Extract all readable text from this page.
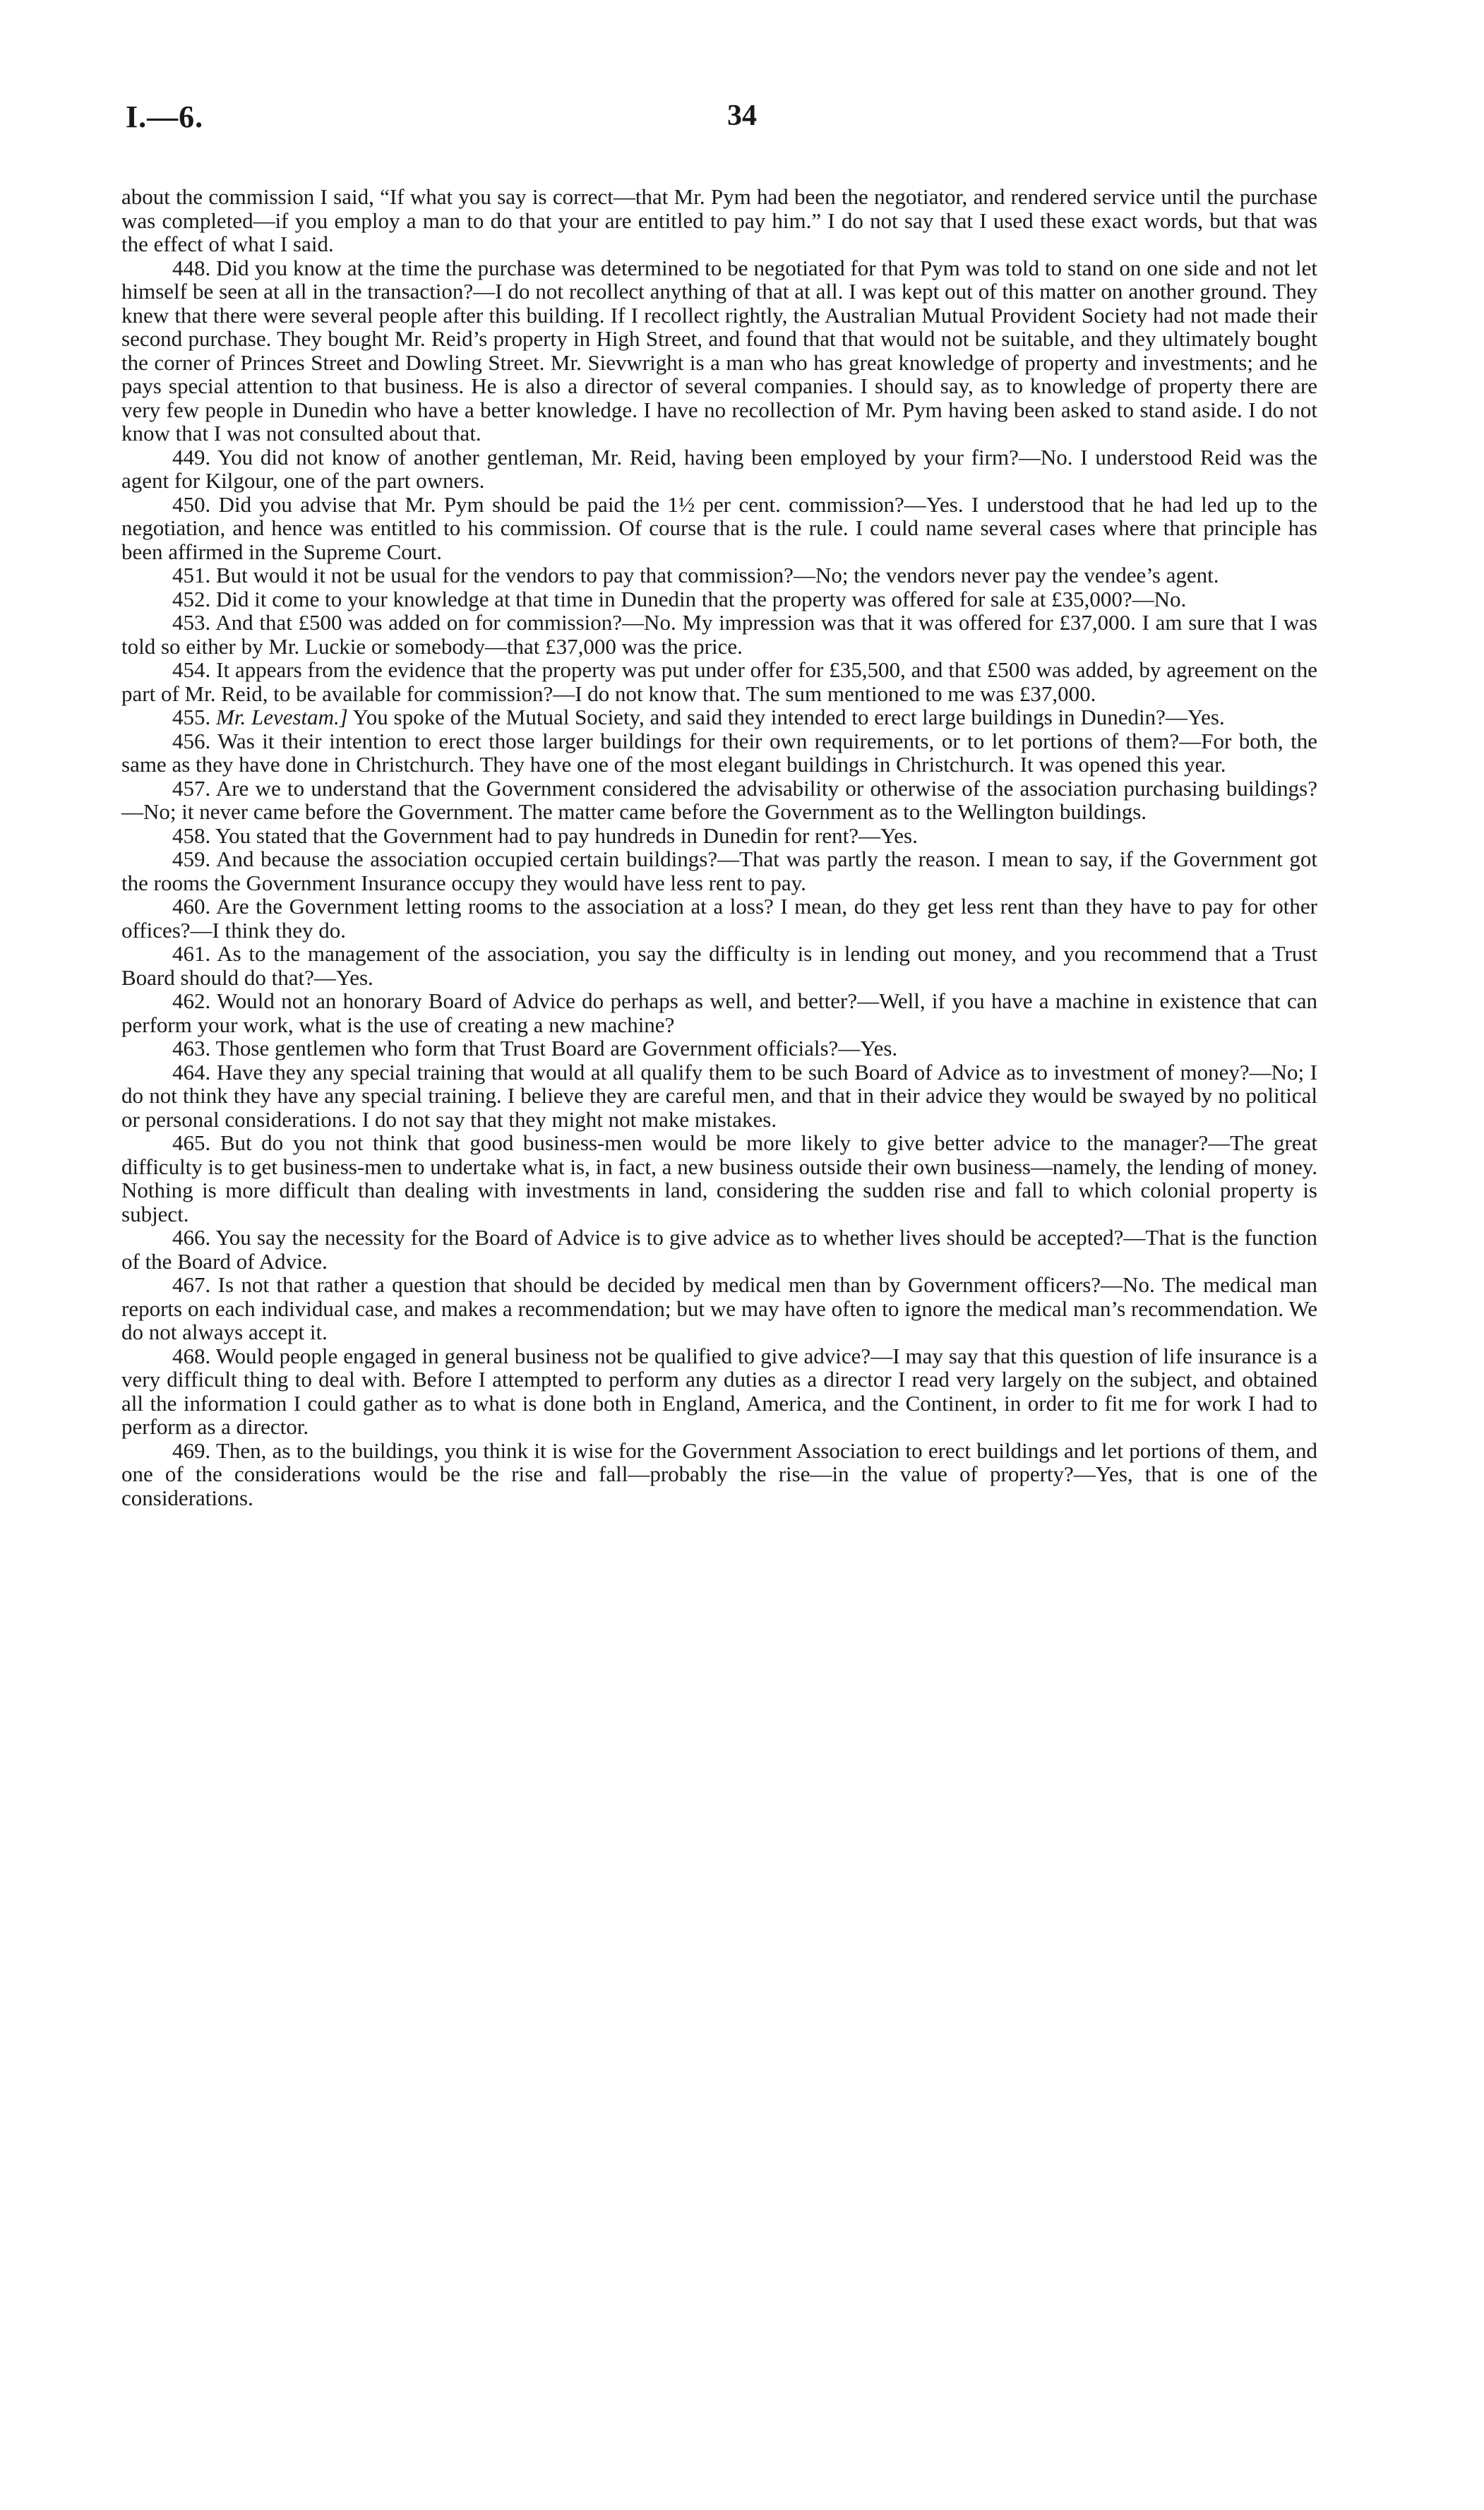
I.—6.	34

about the commission I said, “If what you say is correct—that Mr. Pym had been the negotiator, and rendered service until the purchase was completed—if you employ a man to do that your are entitled to pay him.” I do not say that I used these exact words, but that was the effect of what I said.

448. Did you know at the time the purchase was determined to be negotiated for that Pym was told to stand on one side and not let himself be seen at all in the transaction?—I do not recollect anything of that at all. I was kept out of this matter on another ground. They knew that there were several people after this building. If I recollect rightly, the Australian Mutual Provident Society had not made their second purchase. They bought Mr. Reid’s property in High Street, and found that that would not be suitable, and they ultimately bought the corner of Princes Street and Dowling Street. Mr. Sievwright is a man who has great knowledge of property and investments; and he pays special attention to that business. He is also a director of several companies. I should say, as to knowledge of property there are very few people in Dunedin who have a better knowledge. I have no recollection of Mr. Pym having been asked to stand aside. I do not know that I was not consulted about that.

449. You did not know of another gentleman, Mr. Reid, having been employed by your firm?—No. I understood Reid was the agent for Kilgour, one of the part owners.

450. Did you advise that Mr. Pym should be paid the 1½ per cent. commission?—Yes. I understood that he had led up to the negotiation, and hence was entitled to his commission. Of course that is the rule. I could name several cases where that principle has been affirmed in the Supreme Court.

451. But would it not be usual for the vendors to pay that commission?—No; the vendors never pay the vendee’s agent.

452. Did it come to your knowledge at that time in Dunedin that the property was offered for sale at £35,000?—No.

453. And that £500 was added on for commission?—No. My impression was that it was offered for £37,000. I am sure that I was told so either by Mr. Luckie or somebody—that £37,000 was the price.

454. It appears from the evidence that the property was put under offer for £35,500, and that £500 was added, by agreement on the part of Mr. Reid, to be available for commission?—I do not know that. The sum mentioned to me was £37,000.

455. Mr. Levestam.] You spoke of the Mutual Society, and said they intended to erect large buildings in Dunedin?—Yes.

456. Was it their intention to erect those larger buildings for their own requirements, or to let portions of them?—For both, the same as they have done in Christchurch. They have one of the most elegant buildings in Christchurch. It was opened this year.

457. Are we to understand that the Government considered the advisability or otherwise of the association purchasing buildings?—No; it never came before the Government. The matter came before the Government as to the Wellington buildings.

458. You stated that the Government had to pay hundreds in Dunedin for rent?—Yes.

459. And because the association occupied certain buildings?—That was partly the reason. I mean to say, if the Government got the rooms the Government Insurance occupy they would have less rent to pay.

460. Are the Government letting rooms to the association at a loss? I mean, do they get less rent than they have to pay for other offices?—I think they do.

461. As to the management of the association, you say the difficulty is in lending out money, and you recommend that a Trust Board should do that?—Yes.

462. Would not an honorary Board of Advice do perhaps as well, and better?—Well, if you have a machine in existence that can perform your work, what is the use of creating a new machine?

463. Those gentlemen who form that Trust Board are Government officials?—Yes.

464. Have they any special training that would at all qualify them to be such Board of Advice as to investment of money?—No; I do not think they have any special training. I believe they are careful men, and that in their advice they would be swayed by no political or personal considerations. I do not say that they might not make mistakes.

465. But do you not think that good business-men would be more likely to give better advice to the manager?—The great difficulty is to get business-men to undertake what is, in fact, a new business outside their own business—namely, the lending of money. Nothing is more difficult than dealing with investments in land, considering the sudden rise and fall to which colonial property is subject.

466. You say the necessity for the Board of Advice is to give advice as to whether lives should be accepted?—That is the function of the Board of Advice.

467. Is not that rather a question that should be decided by medical men than by Government officers?—No. The medical man reports on each individual case, and makes a recommendation; but we may have often to ignore the medical man’s recommendation. We do not always accept it.

468. Would people engaged in general business not be qualified to give advice?—I may say that this question of life insurance is a very difficult thing to deal with. Before I attempted to perform any duties as a director I read very largely on the subject, and obtained all the information I could gather as to what is done both in England, America, and the Continent, in order to fit me for work I had to perform as a director.

469. Then, as to the buildings, you think it is wise for the Government Association to erect buildings and let portions of them, and one of the considerations would be the rise and fall—probably the rise—in the value of property?—Yes, that is one of the considerations.
